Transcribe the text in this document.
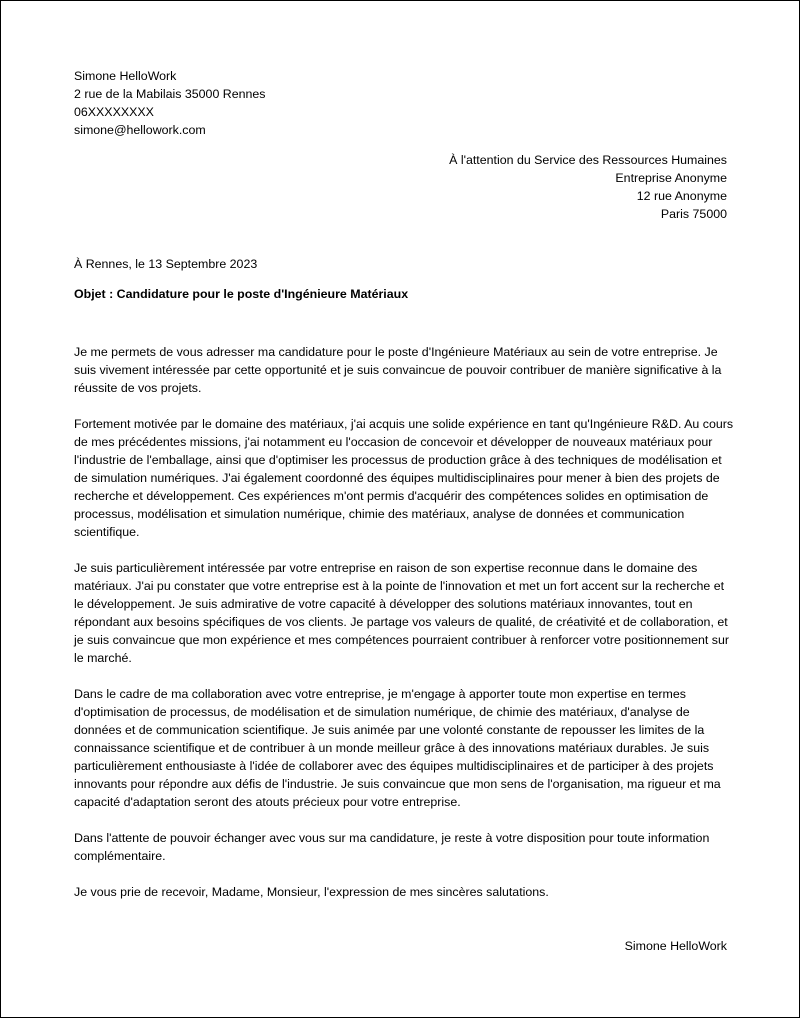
Simone HelloWork
2 rue de la Mabilais 35000 Rennes
06XXXXXXXX
simone@hellowork.com
À l'attention du Service des Ressources Humaines
Entreprise Anonyme
12 rue Anonyme
Paris 75000
À Rennes, le 13 Septembre 2023
Objet : Candidature pour le poste d'Ingénieure Matériaux

Je me permets de vous adresser ma candidature pour le poste d'Ingénieure Matériaux au sein de votre entreprise. Je suis vivement intéressée par cette opportunité et je suis convaincue de pouvoir contribuer de manière significative à la réussite de vos projets.

Fortement motivée par le domaine des matériaux, j'ai acquis une solide expérience en tant qu'Ingénieure R&D. Au cours de mes précédentes missions, j'ai notamment eu l'occasion de concevoir et développer de nouveaux matériaux pour l'industrie de l'emballage, ainsi que d'optimiser les processus de production grâce à des techniques de modélisation et de simulation numériques. J'ai également coordonné des équipes multidisciplinaires pour mener à bien des projets de recherche et développement. Ces expériences m'ont permis d'acquérir des compétences solides en optimisation de processus, modélisation et simulation numérique, chimie des matériaux, analyse de données et communication scientifique.

Je suis particulièrement intéressée par votre entreprise en raison de son expertise reconnue dans le domaine des matériaux. J'ai pu constater que votre entreprise est à la pointe de l'innovation et met un fort accent sur la recherche et le développement. Je suis admirative de votre capacité à développer des solutions matériaux innovantes, tout en répondant aux besoins spécifiques de vos clients. Je partage vos valeurs de qualité, de créativité et de collaboration, et je suis convaincue que mon expérience et mes compétences pourraient contribuer à renforcer votre positionnement sur le marché.

Dans le cadre de ma collaboration avec votre entreprise, je m'engage à apporter toute mon expertise en termes d'optimisation de processus, de modélisation et de simulation numérique, de chimie des matériaux, d'analyse de données et de communication scientifique. Je suis animée par une volonté constante de repousser les limites de la connaissance scientifique et de contribuer à un monde meilleur grâce à des innovations matériaux durables. Je suis particulièrement enthousiaste à l'idée de collaborer avec des équipes multidisciplinaires et de participer à des projets innovants pour répondre aux défis de l'industrie. Je suis convaincue que mon sens de l'organisation, ma rigueur et ma capacité d'adaptation seront des atouts précieux pour votre entreprise.

Dans l'attente de pouvoir échanger avec vous sur ma candidature, je reste à votre disposition pour toute information complémentaire.

Je vous prie de recevoir, Madame, Monsieur, l'expression de mes sincères salutations.

Simone HelloWork
